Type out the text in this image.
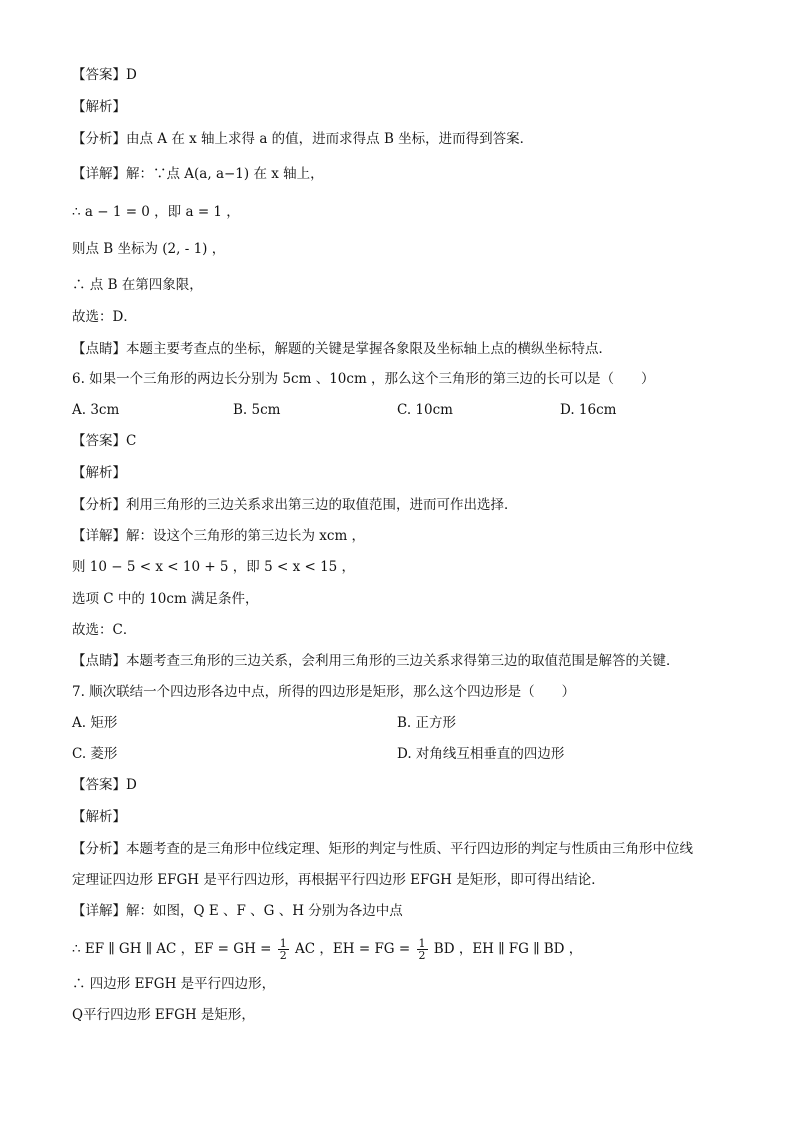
【答案】D
【解析】
【分析】由点 A 在 x 轴上求得 a 的值，进而求得点 B 坐标，进而得到答案．
【详解】解：∵点 A(a, a−1) 在 x 轴上，
∴ a − 1 = 0 ，即 a = 1 ，
则点 B 坐标为 (2, - 1) ，
∴ 点 B 在第四象限，
故选：D．
【点睛】本题主要考查点的坐标，解题的关键是掌握各象限及坐标轴上点的横纵坐标特点．
6. 如果一个三角形的两边长分别为 5cm 、10cm ，那么这个三角形的第三边的长可以是（　　）
A. 3cm	B. 5cm	C. 10cm	D. 16cm
【答案】C
【解析】
【分析】利用三角形的三边关系求出第三边的取值范围，进而可作出选择．
【详解】解：设这个三角形的第三边长为 xcm ，
则 10 − 5 < x < 10 + 5 ，即 5 < x < 15 ，
选项 C 中的 10cm 满足条件，
故选：C．
【点睛】本题考查三角形的三边关系，会利用三角形的三边关系求得第三边的取值范围是解答的关键．
7. 顺次联结一个四边形各边中点，所得的四边形是矩形，那么这个四边形是（　　）
A. 矩形	B. 正方形
C. 菱形	D. 对角线互相垂直的四边形
【答案】D
【解析】
【分析】本题考查的是三角形中位线定理、矩形的判定与性质、平行四边形的判定与性质由三角形中位线
定理证四边形 EFGH 是平行四边形，再根据平行四边形 EFGH 是矩形，即可得出结论．
【详解】解：如图，Q E 、F 、G 、H 分别为各边中点
∴ EF ∥ GH ∥ AC ，EF = GH = $\frac{1}{2}$ AC ，EH = FG = $\frac{1}{2}$ BD ，EH ∥ FG ∥ BD ，
∴ 四边形 EFGH 是平行四边形，
Q平行四边形 EFGH 是矩形，
